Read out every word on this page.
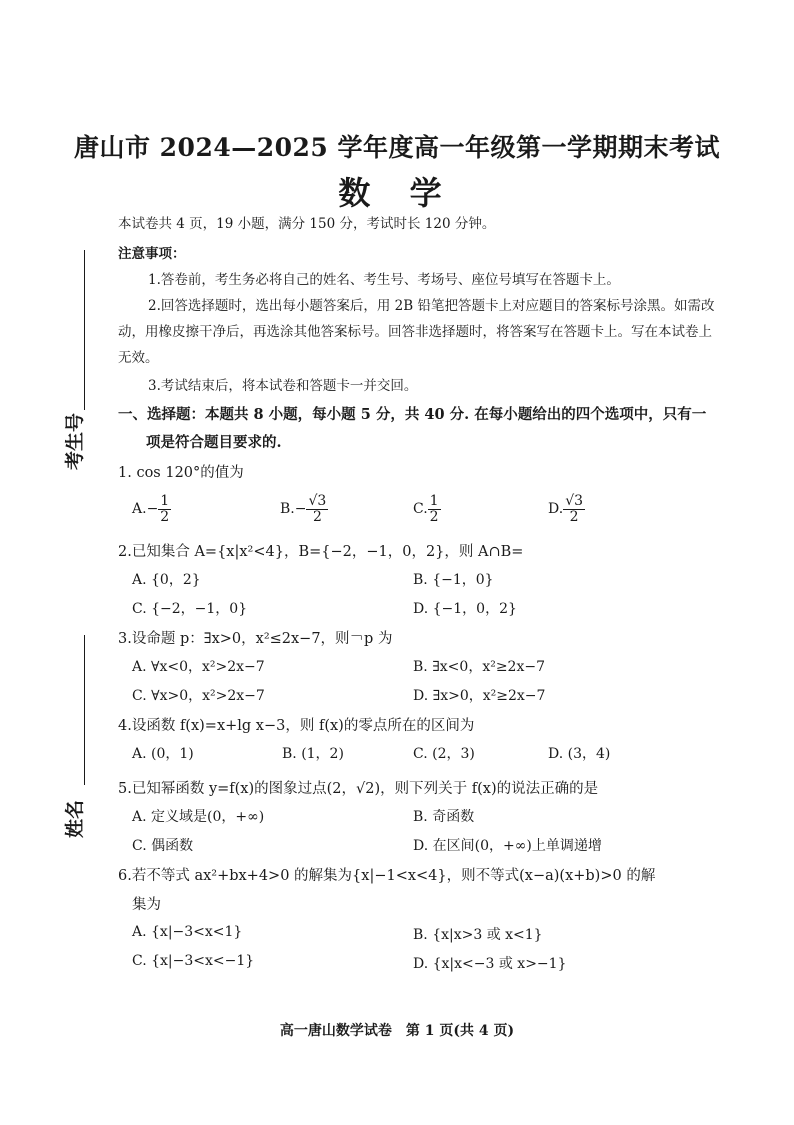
唐山市 2024—2025 学年度高一年级第一学期期末考试
数 学
本试卷共 4 页，19 小题，满分 150 分，考试时长 120 分钟。
注意事项：
1.答卷前，考生务必将自己的姓名、考生号、考场号、座位号填写在答题卡上。
2.回答选择题时，选出每小题答案后，用 2B 铅笔把答题卡上对应题目的答案标号涂黑。如需改
动，用橡皮擦干净后，再选涂其他答案标号。回答非选择题时，将答案写在答题卡上。写在本试卷上
无效。
3.考试结束后，将本试卷和答题卡一并交回。
一、选择题：本题共 8 小题，每小题 5 分，共 40 分. 在每小题给出的四个选项中，只有一
项是符合题目要求的.
考生号
姓名
1. cos 120°的值为
$A.- \frac{1}{2}$	$B.- \frac{√3}{2}$	C. $\frac{1}{2}$	D. $\frac{√3}{2}$
2.已知集合 A={x|x²<4}，B={−2，−1，0，2}，则 A∩B=
A. {0，2}	B. {−1，0}
C. {−2，−1，0}	D. {−1，0，2}
3.设命题 p：∃x>0，x²≤2x−7，则￢p 为
A. ∀x<0，x²>2x−7	B. ∃x<0，x²≥2x−7
C. ∀x>0，x²>2x−7	D. ∃x>0，x²≥2x−7
4.设函数 f(x)=x+lg x−3，则 f(x)的零点所在的区间为
A. (0，1)	B. (1，2)	C. (2，3)	D. (3，4)
5.已知幂函数 y=f(x)的图象过点(2，√2)，则下列关于 f(x)的说法正确的是
A. 定义域是(0，+∞)	B. 奇函数
C. 偶函数	D. 在区间(0，+∞)上单调递增
6.若不等式 ax²+bx+4>0 的解集为{x|−1<x<4}，则不等式(x−a)(x+b)>0 的解
集为
A. {x|−3<x<1}	B. {x|x>3 或 x<1}
C. {x|−3<x<−1}	D. {x|x<−3 或 x>−1}
高一唐山数学试卷　第 1 页(共 4 页)
